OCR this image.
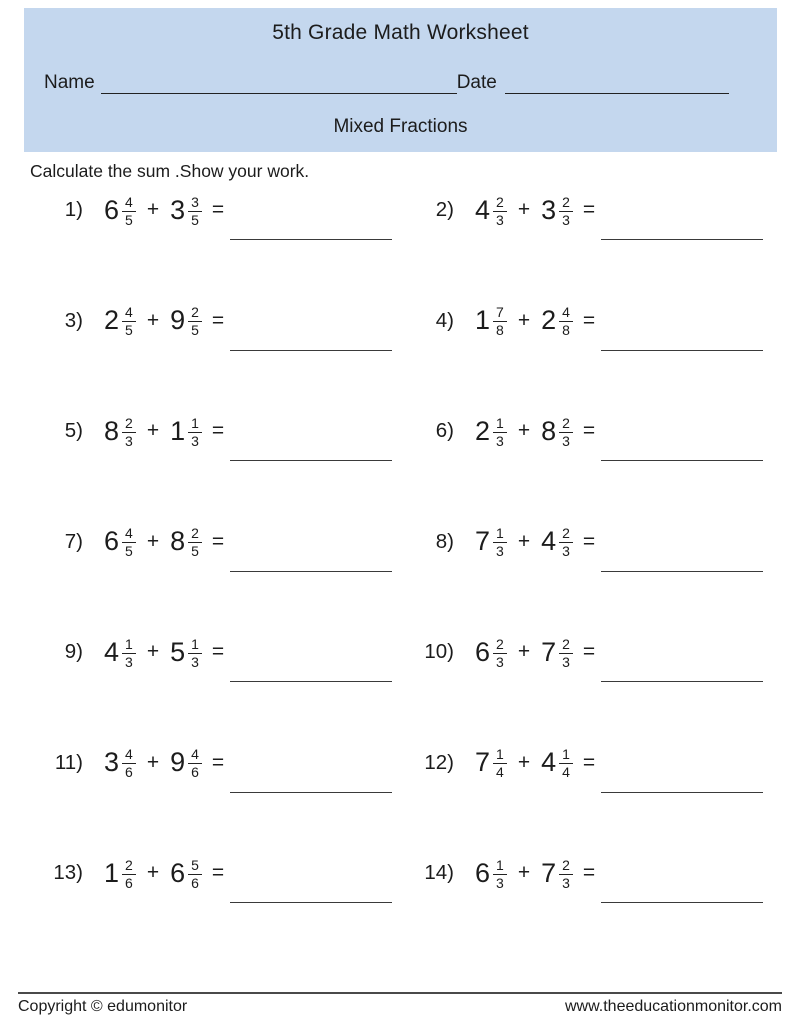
5th Grade Math Worksheet
Name	Date
Mixed Fractions
Calculate the sum .Show your work.
1) $6 \frac{4}{5} + 3 \frac{3}{5}$ =	2) $4 \frac{2}{3} + 3 \frac{2}{3}$ =
3) $2 \frac{4}{5} + 9 \frac{2}{5}$ =	4) $1 \frac{7}{8} + 2 \frac{4}{8}$ =
5) $8 \frac{2}{3} + 1 \frac{1}{3}$ =	6) $2 \frac{1}{3} + 8 \frac{2}{3}$ =
7) $6 \frac{4}{5} + 8 \frac{2}{5}$ =	8) $7 \frac{1}{3} + 4 \frac{2}{3}$ =
9) $4 \frac{1}{3} + 5 \frac{1}{3}$ =	10) $6 \frac{2}{3} + 7 \frac{2}{3}$ =
11) $3 \frac{4}{6} + 9 \frac{4}{6}$ =	12) $7 \frac{1}{4} + 4 \frac{1}{4}$ =
13) $1 \frac{2}{6} + 6 \frac{5}{6}$ =	14) $6 \frac{1}{3} + 7 \frac{2}{3}$ =
Copyright © edumonitor	www.theeducationmonitor.com
